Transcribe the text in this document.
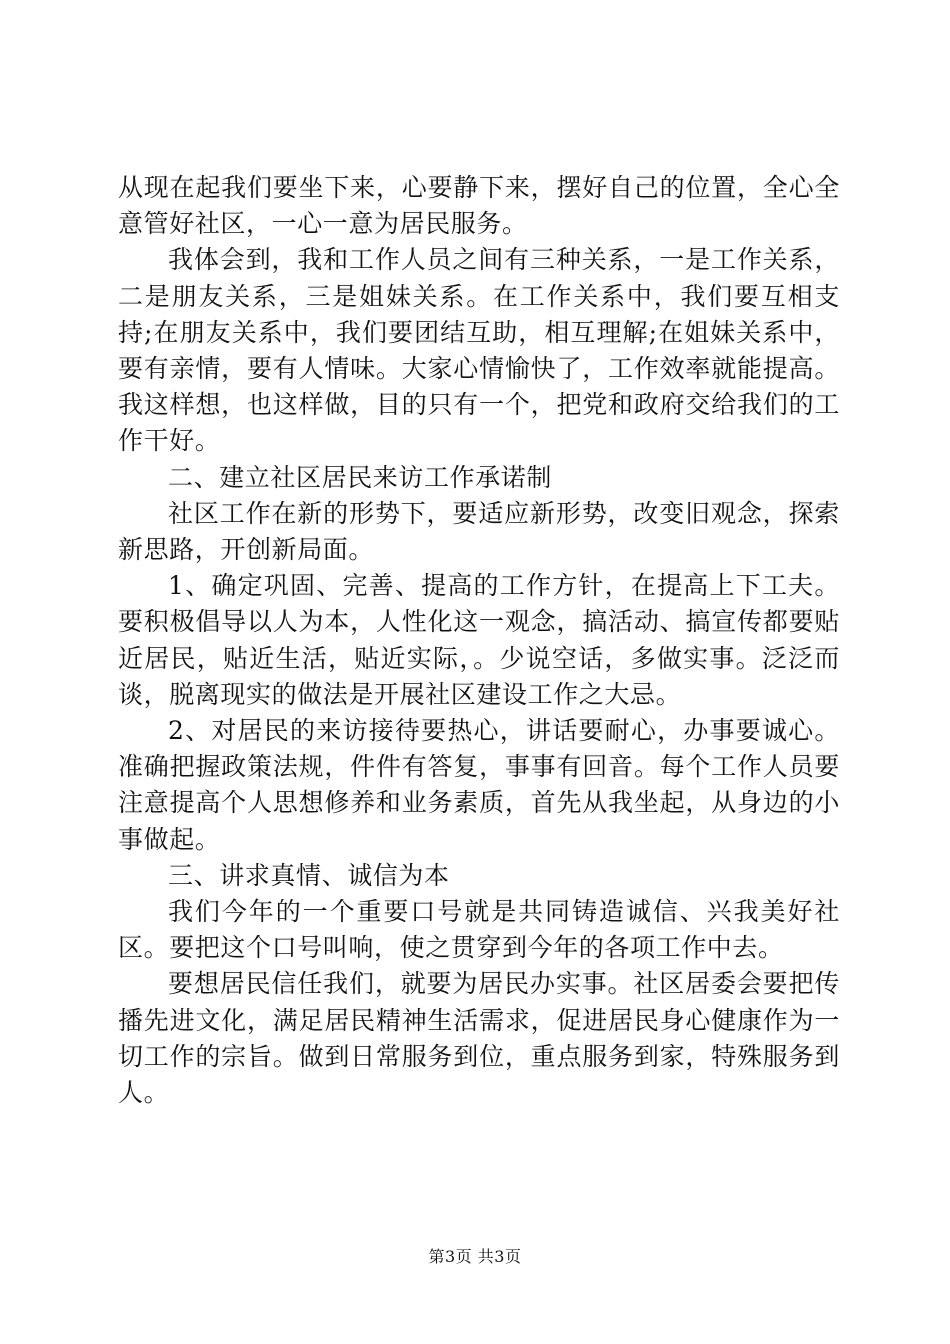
从现在起我们要坐下来，心要静下来，摆好自己的位置，全心全意管好社区，一心一意为居民服务。

我体会到，我和工作人员之间有三种关系，一是工作关系，二是朋友关系，三是姐妹关系。在工作关系中，我们要互相支持;在朋友关系中，我们要团结互助，相互理解;在姐妹关系中，要有亲情，要有人情味。大家心情愉快了，工作效率就能提高。我这样想，也这样做，目的只有一个，把党和政府交给我们的工作干好。

二、建立社区居民来访工作承诺制

社区工作在新的形势下，要适应新形势，改变旧观念，探索新思路，开创新局面。

1、确定巩固、完善、提高的工作方针，在提高上下工夫。要积极倡导以人为本，人性化这一观念，搞活动、搞宣传都要贴近居民，贴近生活，贴近实际，。少说空话，多做实事。泛泛而谈，脱离现实的做法是开展社区建设工作之大忌。

2、对居民的来访接待要热心，讲话要耐心，办事要诚心。准确把握政策法规，件件有答复，事事有回音。每个工作人员要注意提高个人思想修养和业务素质，首先从我坐起，从身边的小事做起。

三、讲求真情、诚信为本

我们今年的一个重要口号就是共同铸造诚信、兴我美好社区。要把这个口号叫响，使之贯穿到今年的各项工作中去。

要想居民信任我们，就要为居民办实事。社区居委会要把传播先进文化，满足居民精神生活需求，促进居民身心健康作为一切工作的宗旨。做到日常服务到位，重点服务到家，特殊服务到人。

第3页 共3页
